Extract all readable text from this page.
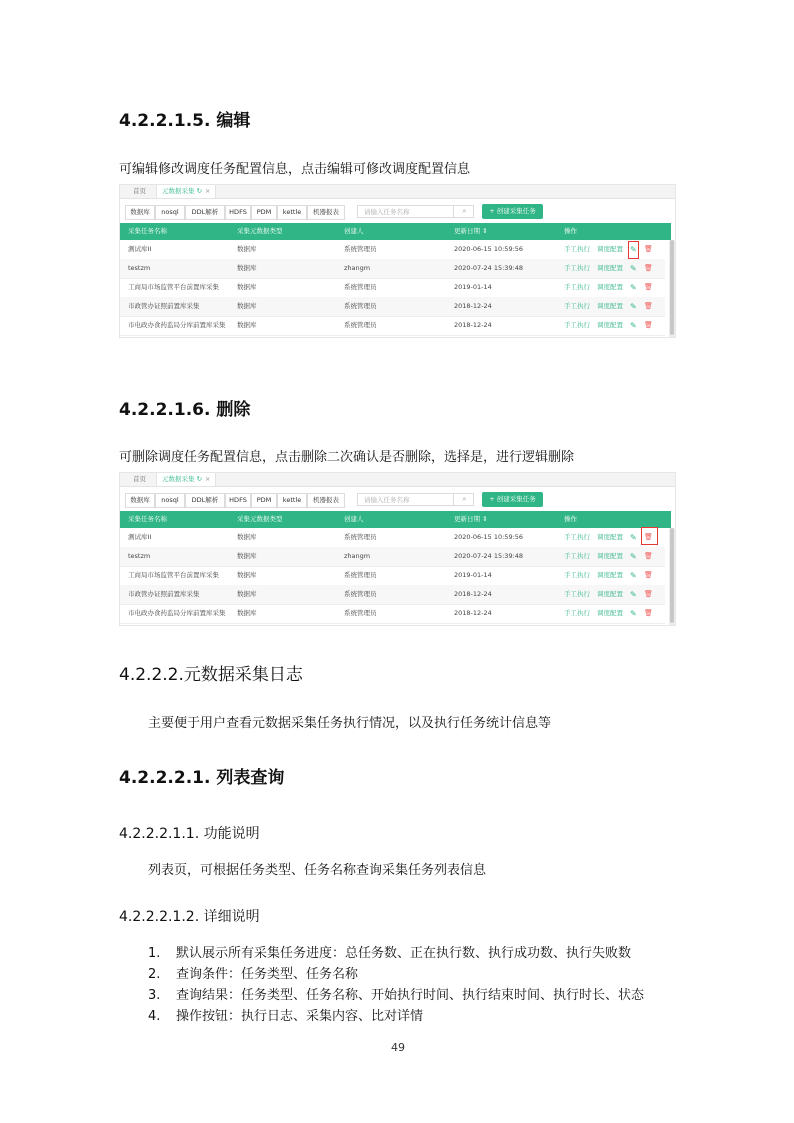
4.2.2.1.5. 编辑
可编辑修改调度任务配置信息，点击编辑可修改调度配置信息
首页	元数据采集 ↻ ×
数据库	nosql	DDL解析	HDFS	PDM	kettle	机器报表	请输入任务名称	⌕	+ 创建采集任务
采集任务名称	采集元数据类型	创建人	更新日期 ⇕	操作
测试库II	数据库	系统管理员	2020-06-15 10:59:56	手工执行 调度配置 ✎ 🗑
testzm	数据库	zhangm	2020-07-24 15:39:48	手工执行 调度配置 ✎ 🗑
工商局市场监管平台前置库采集	数据库	系统管理员	2019-01-14	手工执行 调度配置 ✎ 🗑
市政管办证照前置库采集	数据库	系统管理员	2018-12-24	手工执行 调度配置 ✎ 🗑
市电政办食药监局分库前置库采集 数据库	系统管理员	2018-12-24	手工执行 调度配置 ✎ 🗑
4.2.2.1.6. 删除
可删除调度任务配置信息，点击删除二次确认是否删除，选择是，进行逻辑删除
首页	元数据采集 ↻ ×
数据库	nosql	DDL解析	HDFS	PDM	kettle	机器报表	请输入任务名称	⌕	+ 创建采集任务
采集任务名称	采集元数据类型	创建人	更新日期 ⇕	操作
测试库II	数据库	系统管理员	2020-06-15 10:59:56	手工执行 调度配置 ✎ 🗑
testzm	数据库	zhangm	2020-07-24 15:39:48	手工执行 调度配置 ✎ 🗑
工商局市场监管平台前置库采集	数据库	系统管理员	2019-01-14	手工执行 调度配置 ✎ 🗑
市政管办证照前置库采集	数据库	系统管理员	2018-12-24	手工执行 调度配置 ✎ 🗑
市电政办食药监局分库前置库采集 数据库	系统管理员	2018-12-24	手工执行 调度配置 ✎ 🗑
4.2.2.2.元数据采集日志
主要便于用户查看元数据采集任务执行情况，以及执行任务统计信息等
4.2.2.2.1. 列表查询
4.2.2.2.1.1. 功能说明
列表页，可根据任务类型、任务名称查询采集任务列表信息
4.2.2.2.1.2. 详细说明
1. 默认展示所有采集任务进度：总任务数、正在执行数、执行成功数、执行失败数
2. 查询条件：任务类型、任务名称
3. 查询结果：任务类型、任务名称、开始执行时间、执行结束时间、执行时长、状态
4. 操作按钮：执行日志、采集内容、比对详情
49
